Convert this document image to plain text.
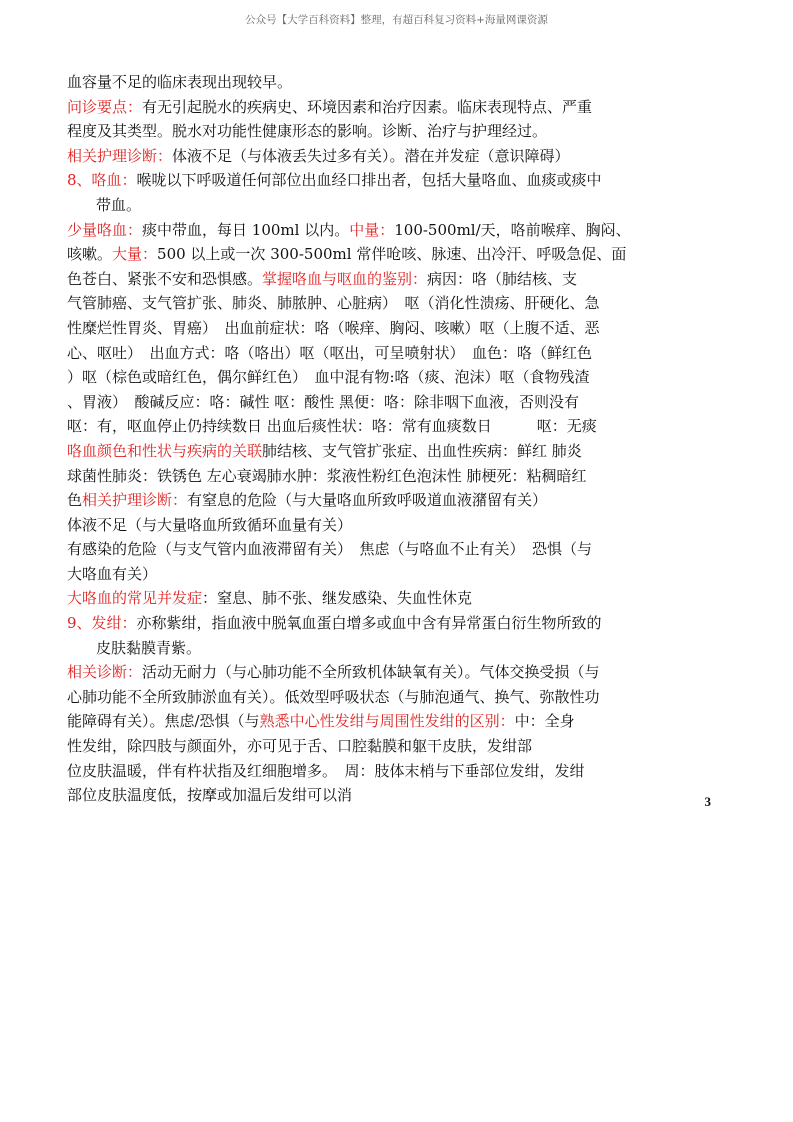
公众号【大学百科资料】整理，有超百科复习资料+海量网课资源
血容量不足的临床表现出现较早。
问诊要点：有无引起脱水的疾病史、环境因素和治疗因素。临床表现特点、严重
程度及其类型。脱水对功能性健康形态的影响。诊断、治疗与护理经过。
相关护理诊断：体液不足（与体液丢失过多有关）。潜在并发症（意识障碍）
8、咯血：喉咙以下呼吸道任何部位出血经口排出者，包括大量咯血、血痰或痰中
带血。
少量咯血：痰中带血，每日 100ml 以内。中量：100-500ml/天，咯前喉痒、胸闷、
咳嗽。大量：500 以上或一次 300-500ml 常伴呛咳、脉速、出冷汗、呼吸急促、面
色苍白、紧张不安和恐惧感。掌握咯血与呕血的鉴别：病因：咯（肺结核、支
气管肺癌、支气管扩张、肺炎、肺脓肿、心脏病）　呕（消化性溃疡、肝硬化、急
性糜烂性胃炎、胃癌）　出血前症状：咯（喉痒、胸闷、咳嗽）呕（上腹不适、恶
心、呕吐）　出血方式：咯（咯出）呕（呕出，可呈喷射状）　血色：咯（鲜红色
）呕（棕色或暗红色，偶尔鲜红色）　血中混有物:咯（痰、泡沫）呕（食物残渣
、胃液）　酸碱反应：咯：碱性 呕：酸性 黑便：咯：除非咽下血液，否则没有
呕：有，呕血停止仍持续数日 出血后痰性状：咯：常有血痰数日　　　呕：无痰
咯血颜色和性状与疾病的关联肺结核、支气管扩张症、出血性疾病：鲜红 肺炎
球菌性肺炎：铁锈色 左心衰竭肺水肿：浆液性粉红色泡沫性 肺梗死：粘稠暗红
色相关护理诊断：有窒息的危险（与大量咯血所致呼吸道血液潴留有关）
体液不足（与大量咯血所致循环血量有关）
有感染的危险（与支气管内血液滞留有关）　焦虑（与咯血不止有关）　恐惧（与
大咯血有关）
大咯血的常见并发症：窒息、肺不张、继发感染、失血性休克
9、发绀：亦称紫绀，指血液中脱氧血蛋白增多或血中含有异常蛋白衍生物所致的
皮肤黏膜青紫。
相关诊断：活动无耐力（与心肺功能不全所致机体缺氧有关）。气体交换受损（与
心肺功能不全所致肺淤血有关）。低效型呼吸状态（与肺泡通气、换气、弥散性功
能障碍有关）。焦虑/恐惧（与熟悉中心性发绀与周围性发绀的区别：中：全身
性发绀，除四肢与颜面外，亦可见于舌、口腔黏膜和躯干皮肤，发绀部
位皮肤温暖，伴有杵状指及红细胞增多。　周：肢体末梢与下垂部位发绀，发绀
部位皮肤温度低，按摩或加温后发绀可以消	3
